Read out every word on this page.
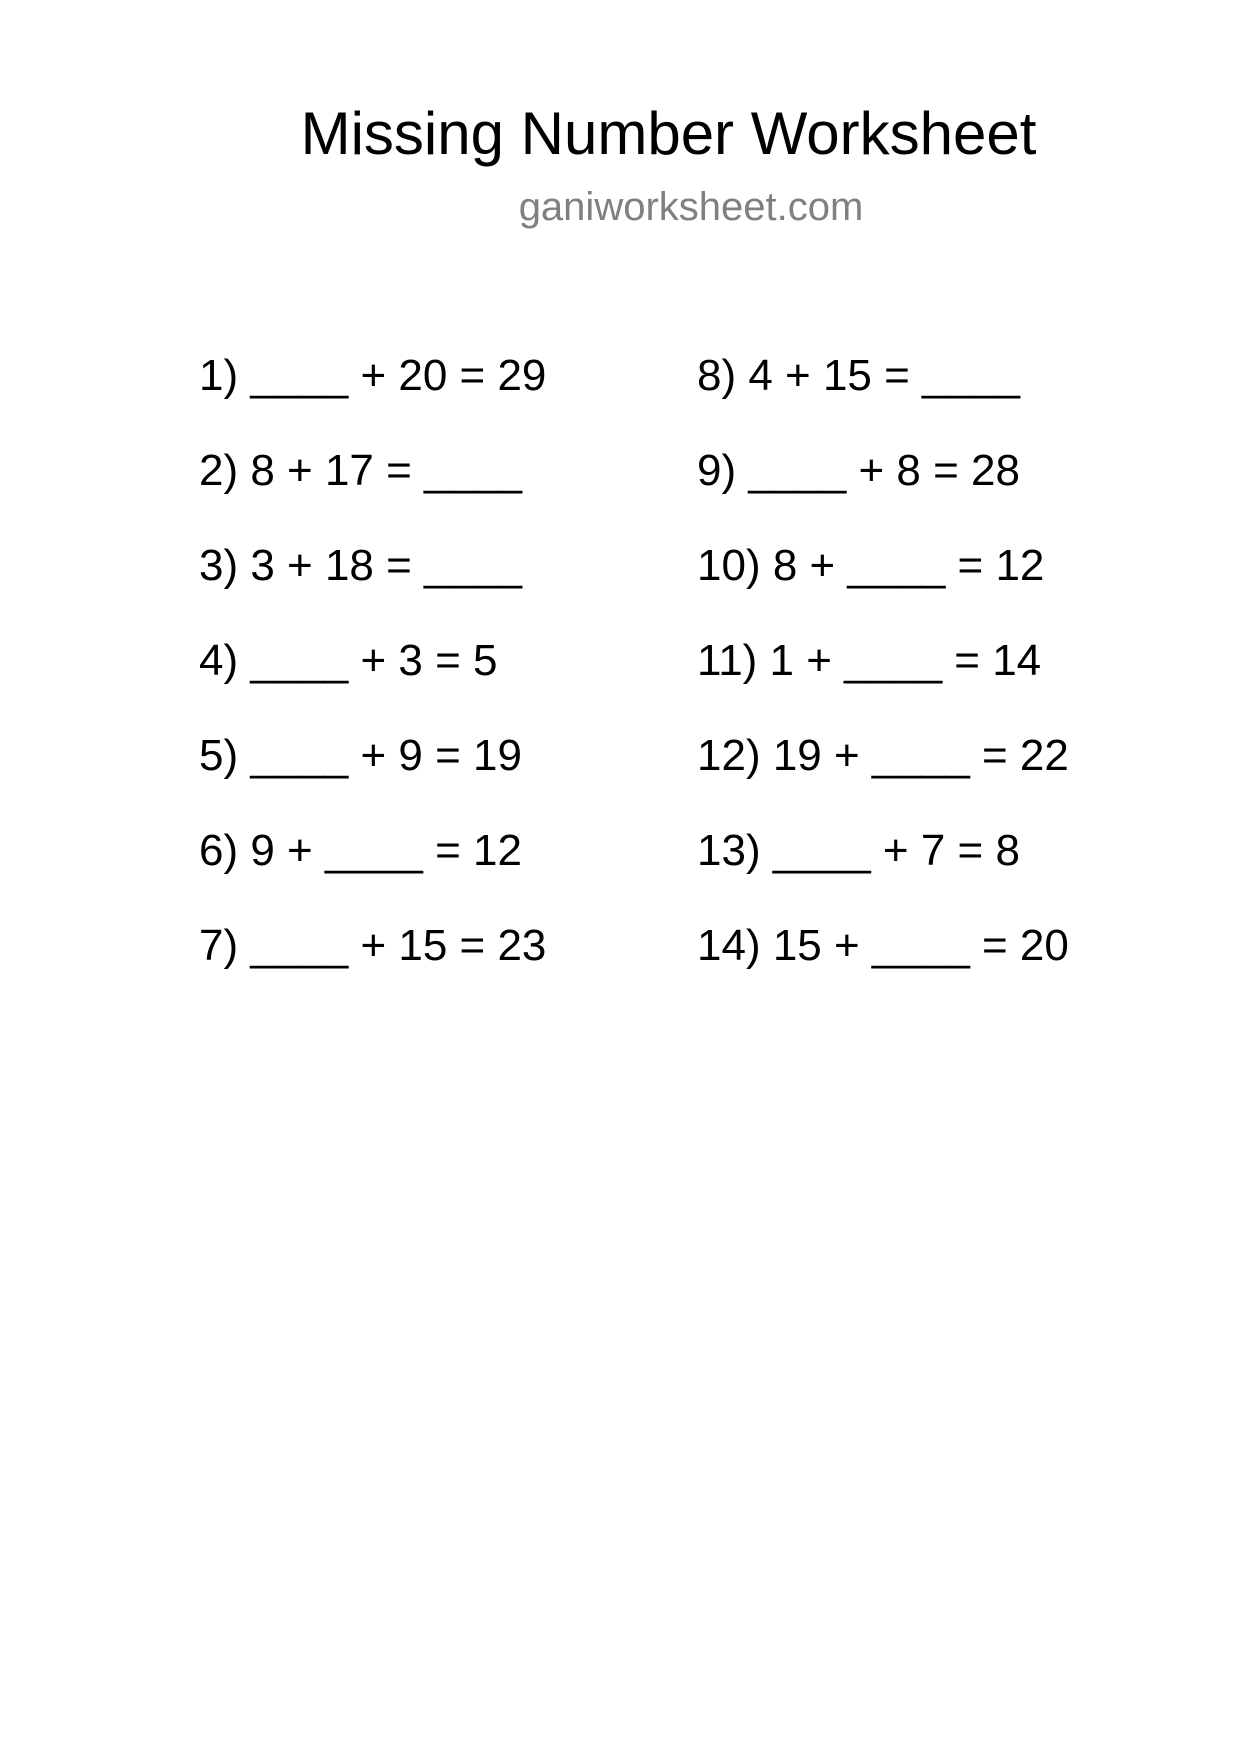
Missing Number Worksheet
ganiworksheet.com
1) ____ + 20 = 29
2) 8 + 17 = ____
3) 3 + 18 = ____
4) ____ + 3 = 5
5) ____ + 9 = 19
6) 9 + ____ = 12
7) ____ + 15 = 23
8) 4 + 15 = ____
9) ____ + 8 = 28
10) 8 + ____ = 12
11) 1 + ____ = 14
12) 19 + ____ = 22
13) ____ + 7 = 8
14) 15 + ____ = 20
